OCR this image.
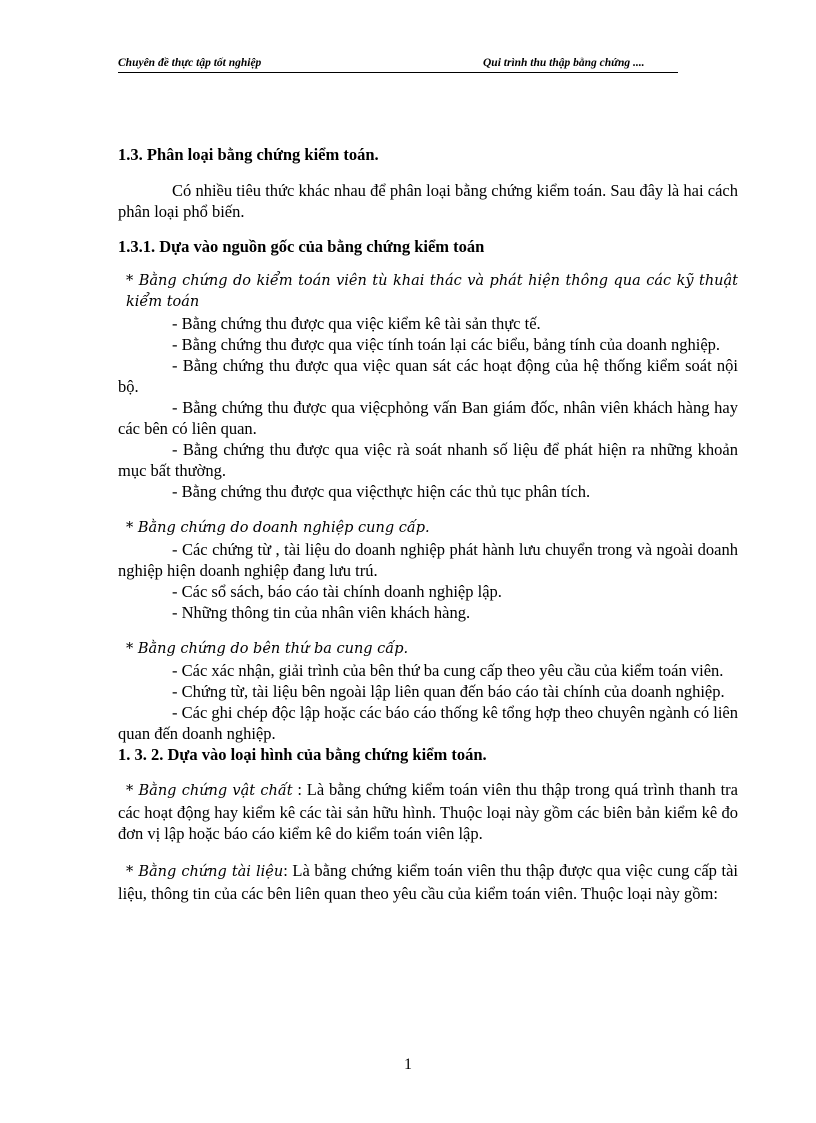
Chuyên đề thực tập tốt nghiệp	Qui trình thu thập bằng chứng ....

1.3. Phân loại bằng chứng kiểm toán.

Có nhiều tiêu thức khác nhau để phân loại bằng chứng kiểm toán. Sau đây là hai cách phân loại phổ biến.

1.3.1. Dựa vào nguồn gốc của bằng chứng kiểm toán

* Bằng chứng do kiểm toán viên tù khai thác và phát hiện thông qua các kỹ thuật kiểm toán

- Bằng chứng thu được qua việc kiểm kê tài sản thực tế.

- Bằng chứng thu được qua việc tính toán lại các biểu, bảng tính của doanh nghiệp.

- Bằng chứng thu được qua việc quan sát các hoạt động của hệ thống kiểm soát nội bộ.

- Bằng chứng thu được qua việcphỏng vấn Ban giám đốc, nhân viên khách hàng hay các bên có liên quan.

- Bằng chứng thu được qua việc rà soát nhanh số liệu để phát hiện ra những khoản mục bất thường.

- Bằng chứng thu được qua việcthực hiện các thủ tục phân tích.

* Bằng chứng do doanh nghiệp cung cấp.

- Các chứng từ , tài liệu do doanh nghiệp phát hành lưu chuyển trong và ngoài doanh nghiệp hiện doanh nghiệp đang lưu trú.

- Các sổ sách, báo cáo tài chính doanh nghiệp lập.

- Những thông tin của nhân viên khách hàng.

* Bằng chứng do bên thứ ba cung cấp.

- Các xác nhận, giải trình của bên thứ ba cung cấp theo yêu cầu của kiểm toán viên.

- Chứng từ, tài liệu bên ngoài lập liên quan đến báo cáo tài chính của doanh nghiệp.

- Các ghi chép độc lập hoặc các báo cáo thống kê tổng hợp theo chuyên ngành có liên quan đến doanh nghiệp.

1. 3. 2. Dựa vào loại hình của bằng chứng kiểm toán.

* Bằng chứng vật chất : Là bằng chứng kiểm toán viên thu thập trong quá trình thanh tra các hoạt động hay kiểm kê các tài sản hữu hình. Thuộc loại này gồm các biên bản kiểm kê đo đơn vị lập hoặc báo cáo kiểm kê do kiểm toán viên lập.

* Bằng chứng tài liệu: Là bằng chứng kiểm toán viên thu thập được qua việc cung cấp tài liệu, thông tin của các bên liên quan theo yêu cầu của kiểm toán viên. Thuộc loại này gồm:

1
